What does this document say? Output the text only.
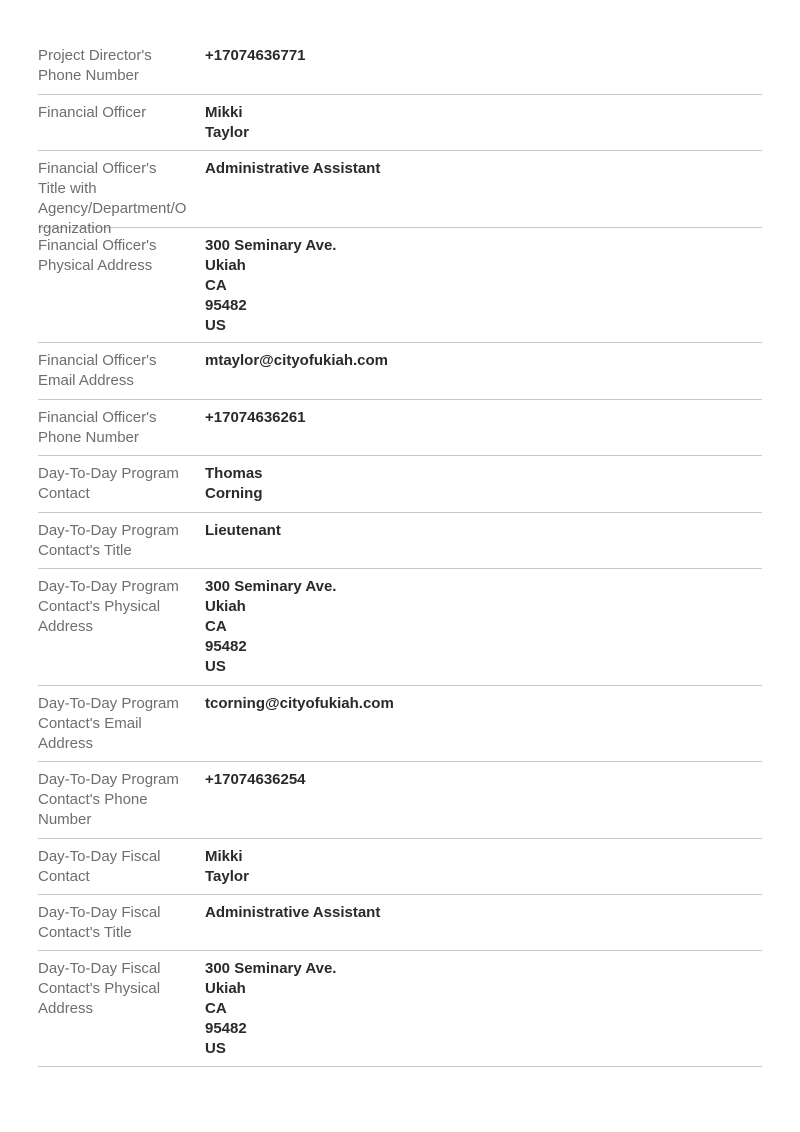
Project Director's Phone Number
+17074636771
Financial Officer	Mikki
Taylor
Financial Officer's
Title with
Agency/Department/Organization
Administrative Assistant
Financial Officer's Physical Address
300 Seminary Ave.
Ukiah
CA
95482
US
Financial Officer's Email Address
mtaylor@cityofukiah.com
Financial Officer's Phone Number
+17074636261
Day-To-Day Program Contact
Thomas
Corning
Day-To-Day Program Contact's Title
Lieutenant
Day-To-Day Program Contact's Physical Address
300 Seminary Ave.
Ukiah
CA
95482
US
Day-To-Day Program Contact's Email Address
tcorning@cityofukiah.com
Day-To-Day Program Contact's Phone Number
+17074636254
Day-To-Day Fiscal Contact
Mikki
Taylor
Day-To-Day Fiscal Contact's Title
Administrative Assistant
Day-To-Day Fiscal Contact's Physical Address
300 Seminary Ave.
Ukiah
CA
95482
US
